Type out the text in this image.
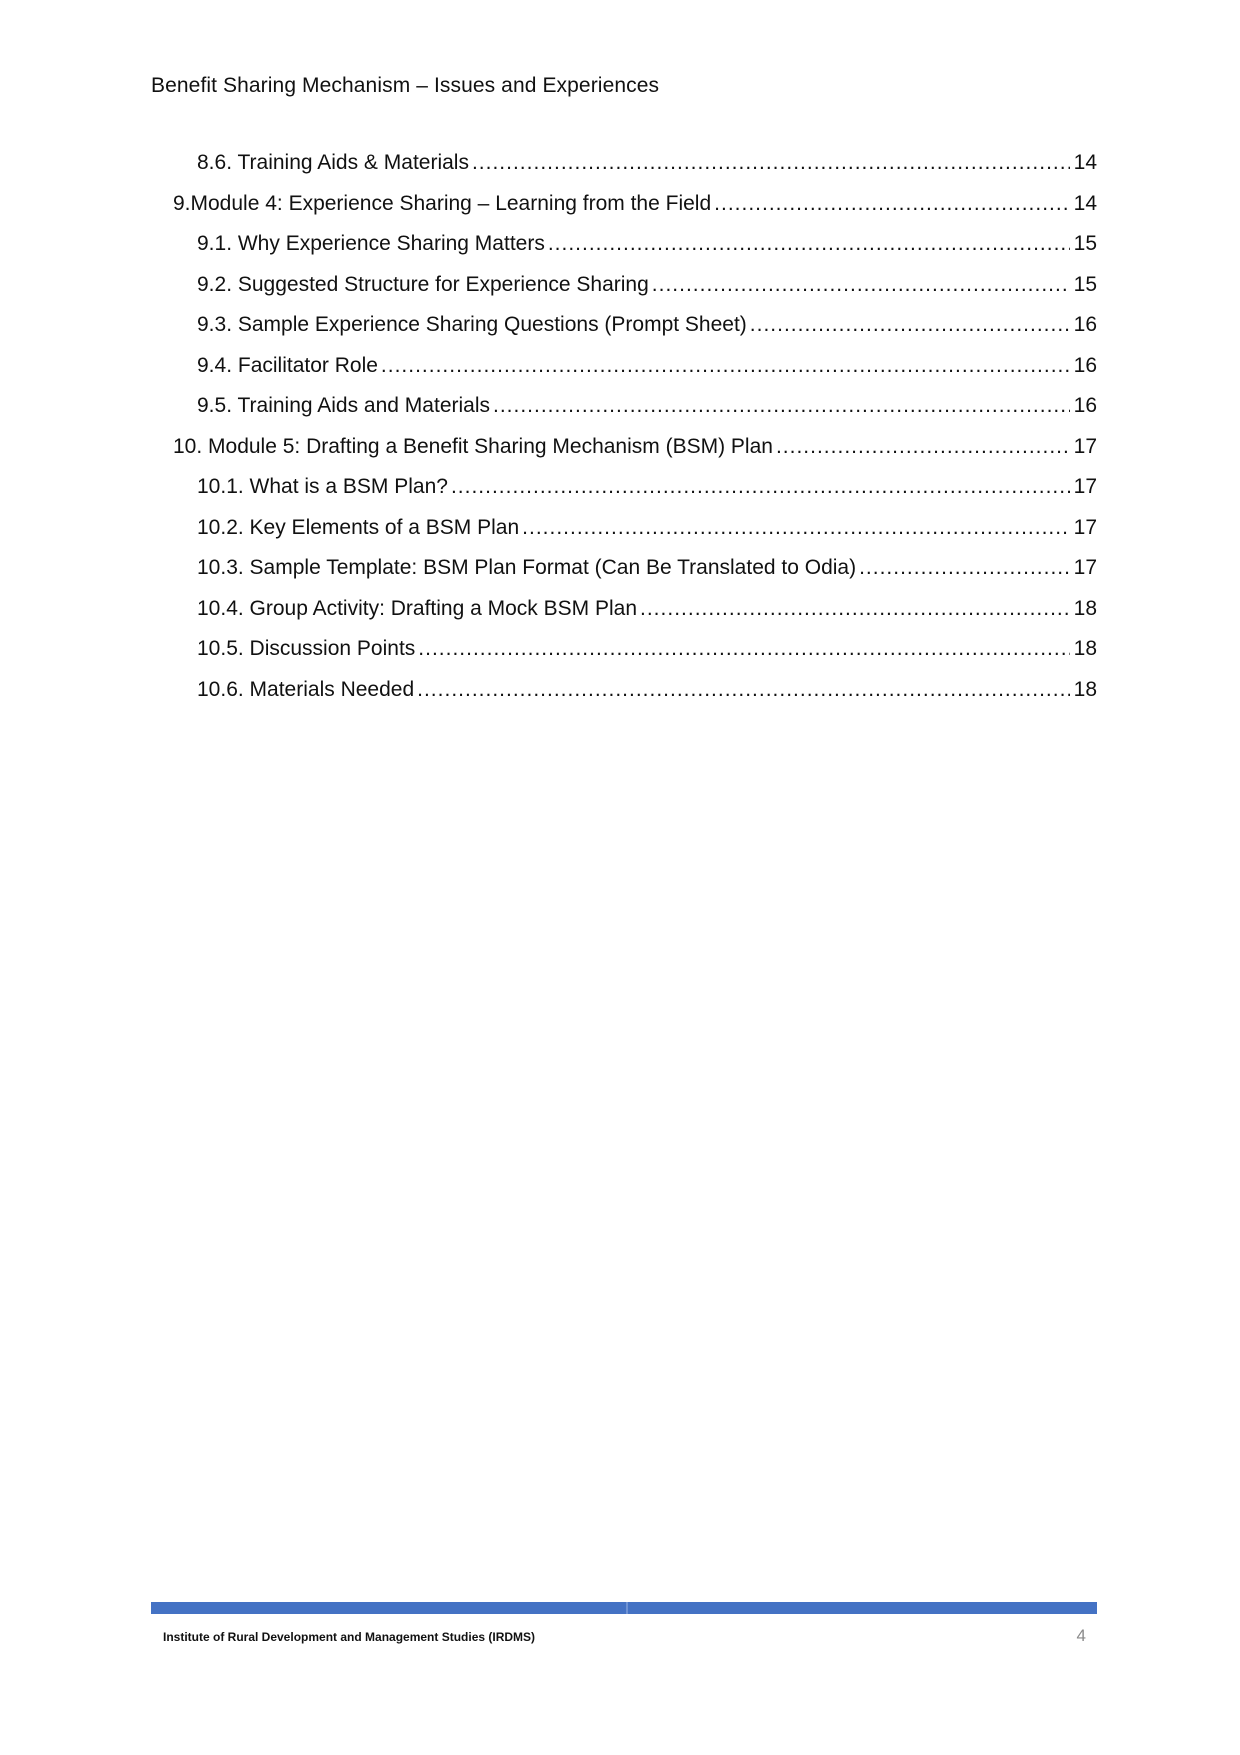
Benefit Sharing Mechanism – Issues and Experiences
8.6. Training Aids & Materials .....	14
9.Module 4: Experience Sharing – Learning from the Field .....	14
9.1. Why Experience Sharing Matters .....	15
9.2. Suggested Structure for Experience Sharing .....	15
9.3. Sample Experience Sharing Questions (Prompt Sheet) .....	16
9.4. Facilitator Role .....	16
9.5. Training Aids and Materials .....	16
10. Module 5: Drafting a Benefit Sharing Mechanism (BSM) Plan .....	17
10.1. What is a BSM Plan? .....	17
10.2. Key Elements of a BSM Plan .....	17
10.3. Sample Template: BSM Plan Format (Can Be Translated to Odia) .....	17
10.4. Group Activity: Drafting a Mock BSM Plan .....	18
10.5. Discussion Points .....	18
10.6. Materials Needed .....	18
Institute of Rural Development and Management Studies (IRDMS)	4
